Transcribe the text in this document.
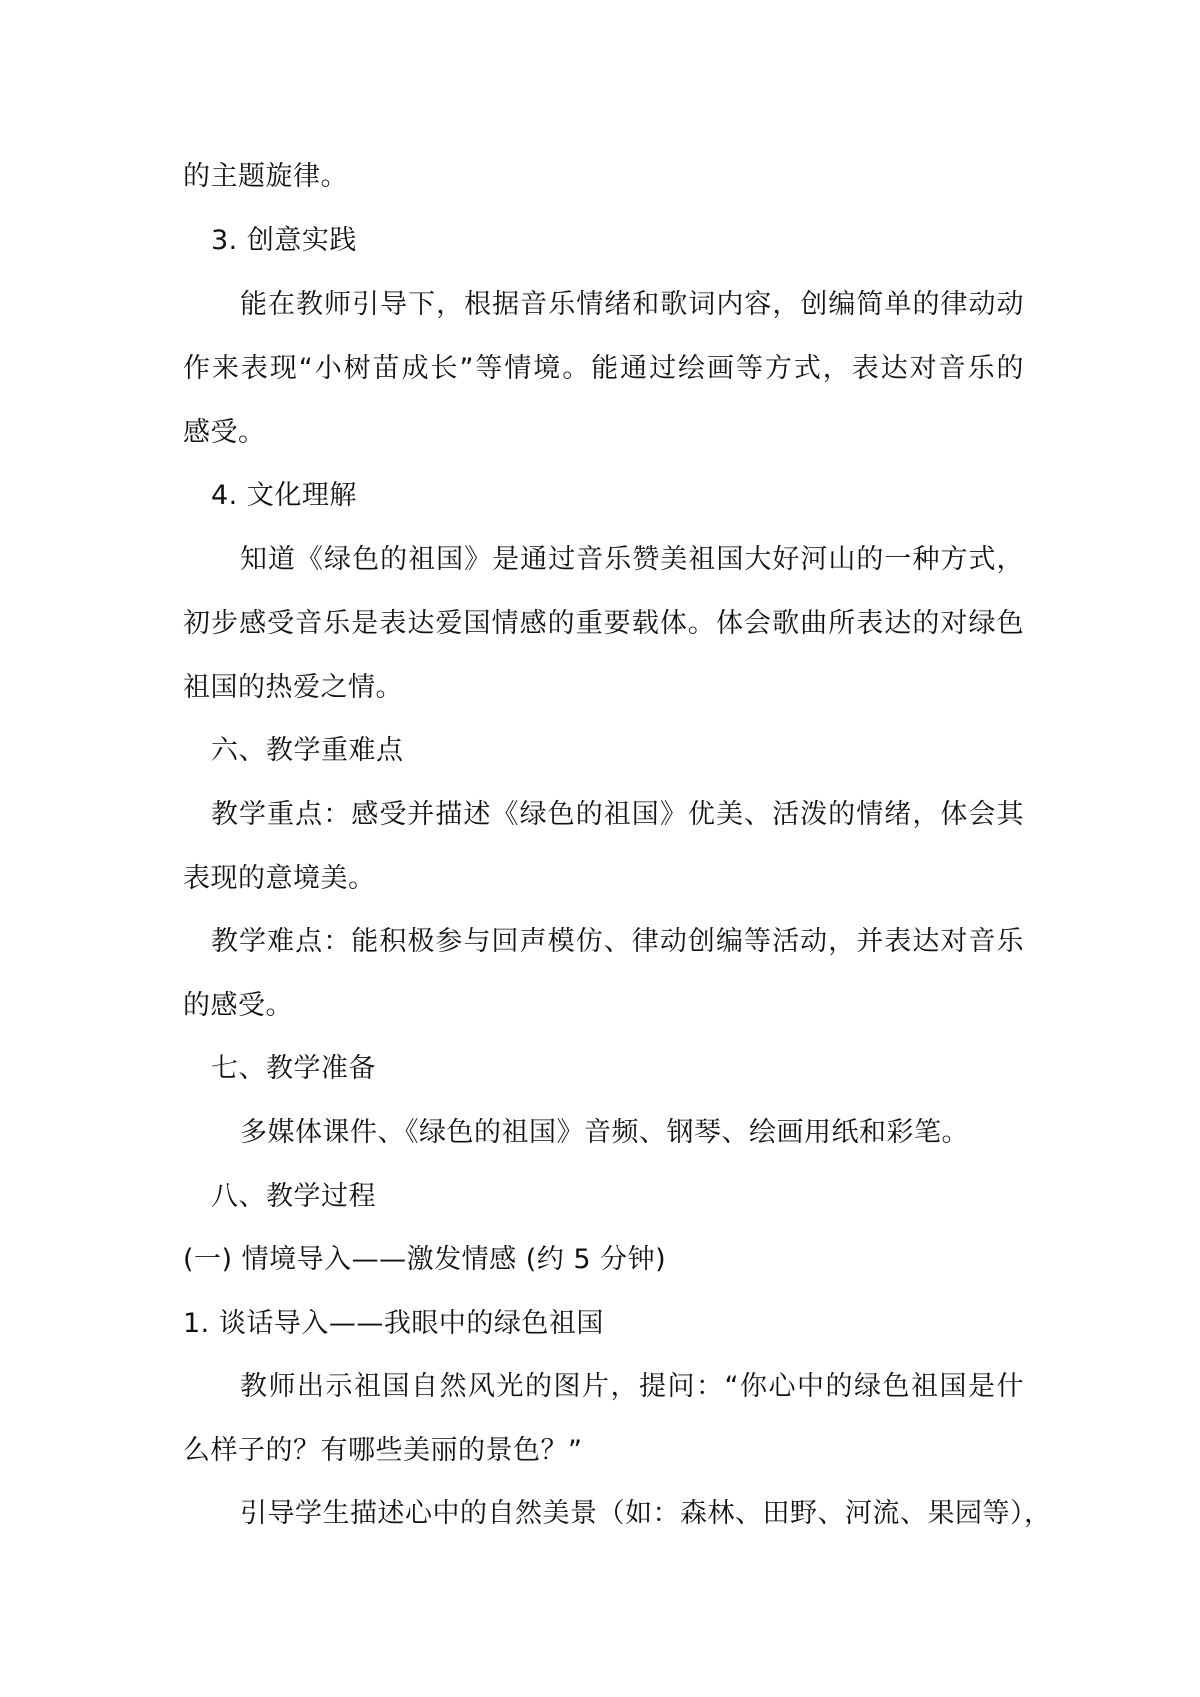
的主题旋律。
3. 创意实践
能在教师引导下，根据音乐情绪和歌词内容，创编简单的律动动
作来表现“小树苗成长”等情境。能通过绘画等方式，表达对音乐的
感受。
4. 文化理解
知道《绿色的祖国》是通过音乐赞美祖国大好河山的一种方式，
初步感受音乐是表达爱国情感的重要载体。体会歌曲所表达的对绿色
祖国的热爱之情。
六、教学重难点
教学重点：感受并描述《绿色的祖国》优美、活泼的情绪，体会其
表现的意境美。
教学难点：能积极参与回声模仿、律动创编等活动，并表达对音乐
的感受。
七、教学准备
多媒体课件、《绿色的祖国》音频、钢琴、绘画用纸和彩笔。
八、教学过程
(一) 情境导入——激发情感 (约 5 分钟)
1. 谈话导入——我眼中的绿色祖国
教师出示祖国自然风光的图片，提问：“你心中的绿色祖国是什
么样子的？有哪些美丽的景色？”
引导学生描述心中的自然美景（如：森林、田野、河流、果园等），
